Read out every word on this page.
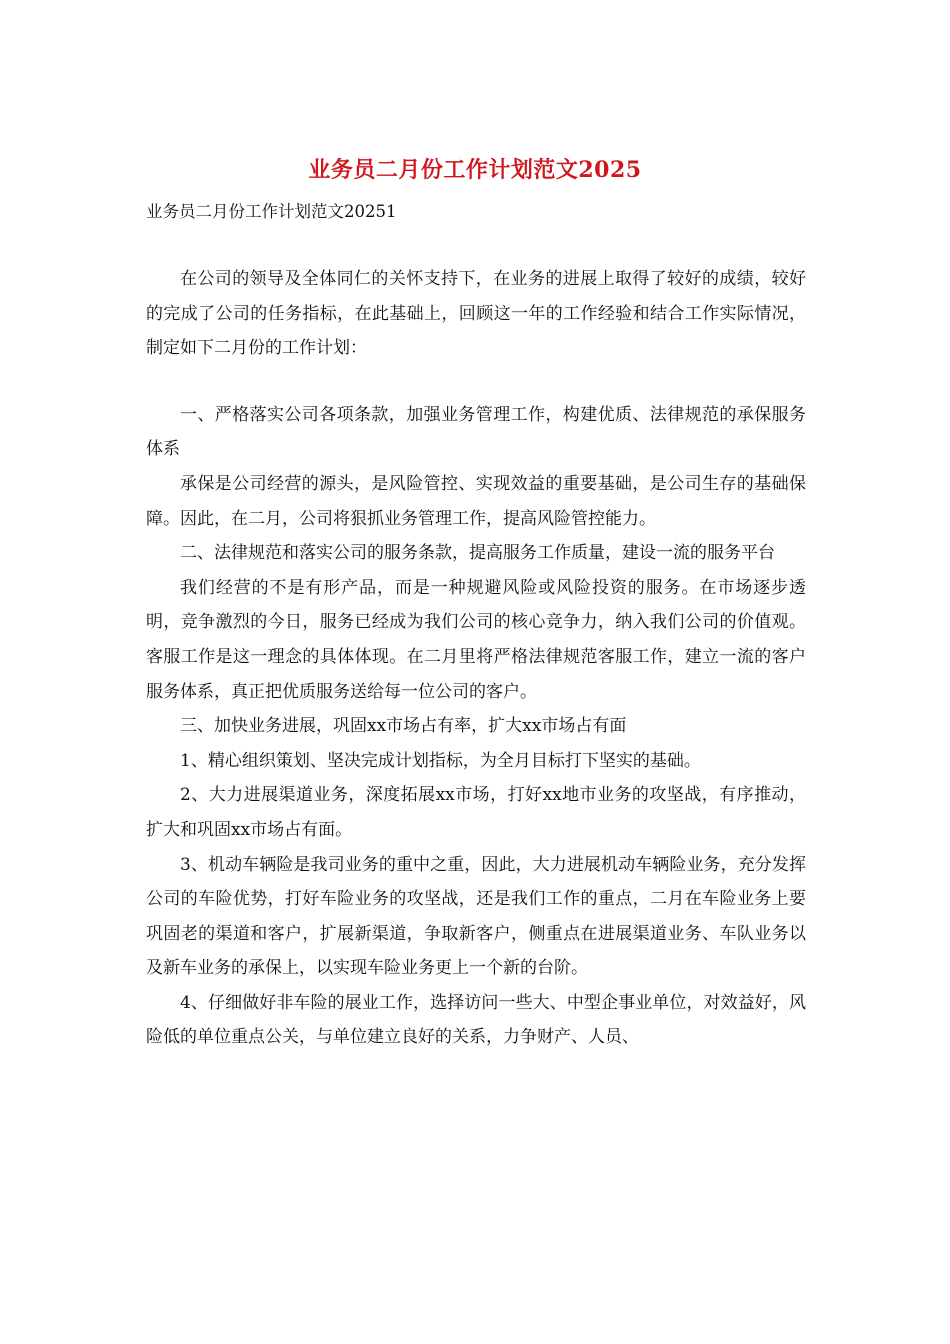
业务员二月份工作计划范文2025
业务员二月份工作计划范文20251

在公司的领导及全体同仁的关怀支持下，在业务的进展上取得了较好的成绩，较好的完成了公司的任务指标，在此基础上，回顾这一年的工作经验和结合工作实际情况，制定如下二月份的工作计划：

一、严格落实公司各项条款，加强业务管理工作，构建优质、法律规范的承保服务体系

承保是公司经营的源头，是风险管控、实现效益的重要基础，是公司生存的基础保障。因此，在二月，公司将狠抓业务管理工作，提高风险管控能力。

二、法律规范和落实公司的服务条款，提高服务工作质量，建设一流的服务平台

我们经营的不是有形产品，而是一种规避风险或风险投资的服务。在市场逐步透明，竞争激烈的今日，服务已经成为我们公司的核心竞争力，纳入我们公司的价值观。客服工作是这一理念的具体体现。在二月里将严格法律规范客服工作，建立一流的客户服务体系，真正把优质服务送给每一位公司的客户。

三、加快业务进展，巩固xx市场占有率，扩大xx市场占有面

1、精心组织策划、坚决完成计划指标，为全月目标打下坚实的基础。

2、大力进展渠道业务，深度拓展xx市场，打好xx地市业务的攻坚战，有序推动，扩大和巩固xx市场占有面。

3、机动车辆险是我司业务的重中之重，因此，大力进展机动车辆险业务，充分发挥公司的车险优势，打好车险业务的攻坚战，还是我们工作的重点，二月在车险业务上要巩固老的渠道和客户，扩展新渠道，争取新客户，侧重点在进展渠道业务、车队业务以及新车业务的承保上，以实现车险业务更上一个新的台阶。

4、仔细做好非车险的展业工作，选择访问一些大、中型企事业单位，对效益好，风险低的单位重点公关，与单位建立良好的关系，力争财产、人员、
